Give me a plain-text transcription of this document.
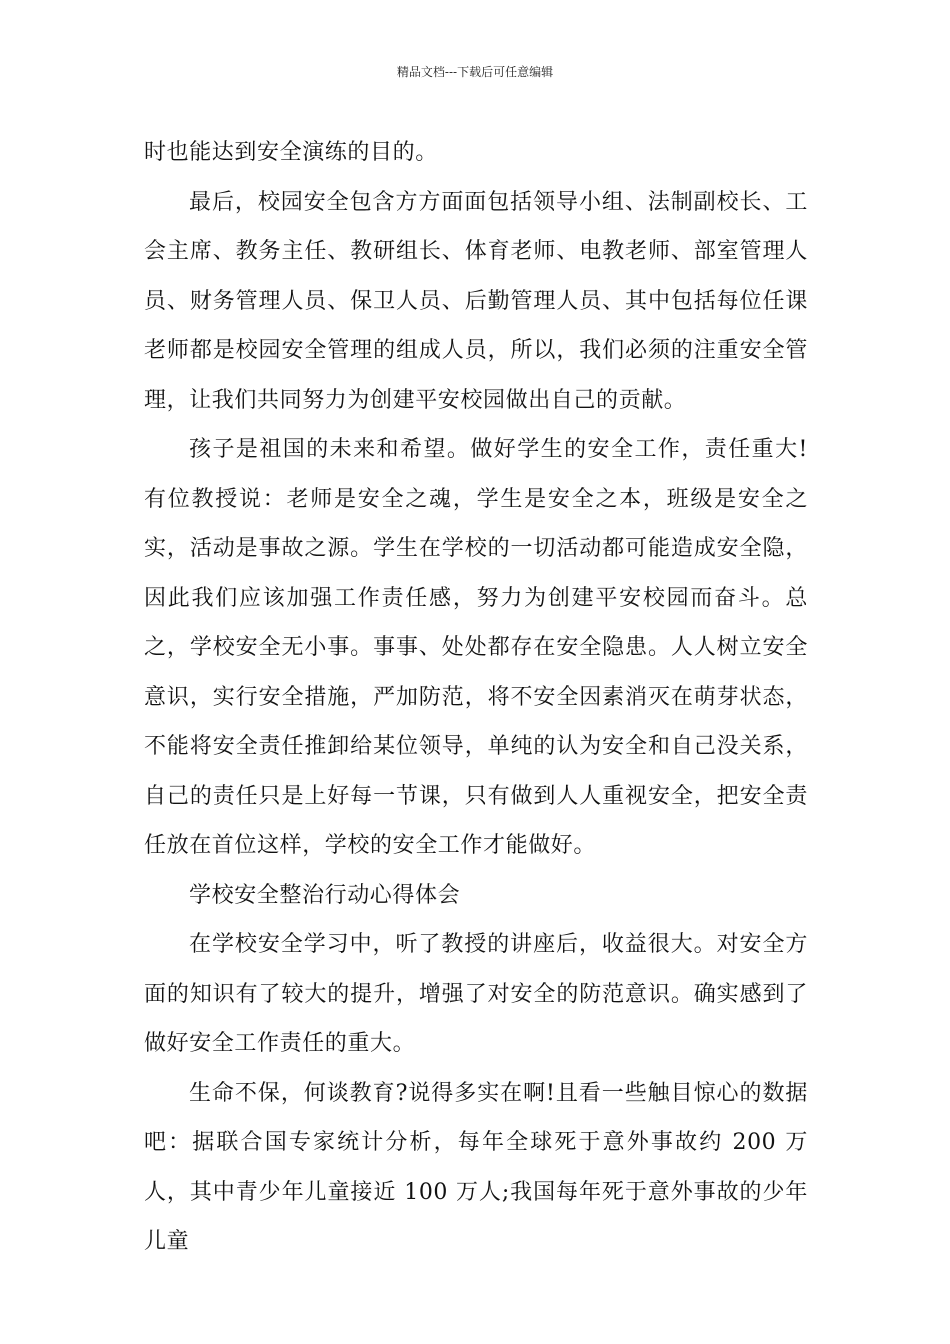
精品文档---下载后可任意编辑

时也能达到安全演练的目的。

最后，校园安全包含方方面面包括领导小组、法制副校长、工会主席、教务主任、教研组长、体育老师、电教老师、部室管理人员、财务管理人员、保卫人员、后勤管理人员、其中包括每位任课老师都是校园安全管理的组成人员，所以，我们必须的注重安全管理，让我们共同努力为创建平安校园做出自己的贡献。

孩子是祖国的未来和希望。做好学生的安全工作，责任重大!有位教授说：老师是安全之魂，学生是安全之本，班级是安全之实，活动是事故之源。学生在学校的一切活动都可能造成安全隐，因此我们应该加强工作责任感，努力为创建平安校园而奋斗。总之，学校安全无小事。事事、处处都存在安全隐患。人人树立安全意识，实行安全措施，严加防范，将不安全因素消灭在萌芽状态，不能将安全责任推卸给某位领导，单纯的认为安全和自己没关系，自己的责任只是上好每一节课，只有做到人人重视安全，把安全责任放在首位这样，学校的安全工作才能做好。

学校安全整治行动心得体会

在学校安全学习中，听了教授的讲座后，收益很大。对安全方面的知识有了较大的提升，增强了对安全的防范意识。确实感到了做好安全工作责任的重大。

生命不保，何谈教育?说得多实在啊!且看一些触目惊心的数据吧：据联合国专家统计分析，每年全球死于意外事故约 200 万人，其中青少年儿童接近 100 万人;我国每年死于意外事故的少年儿童
